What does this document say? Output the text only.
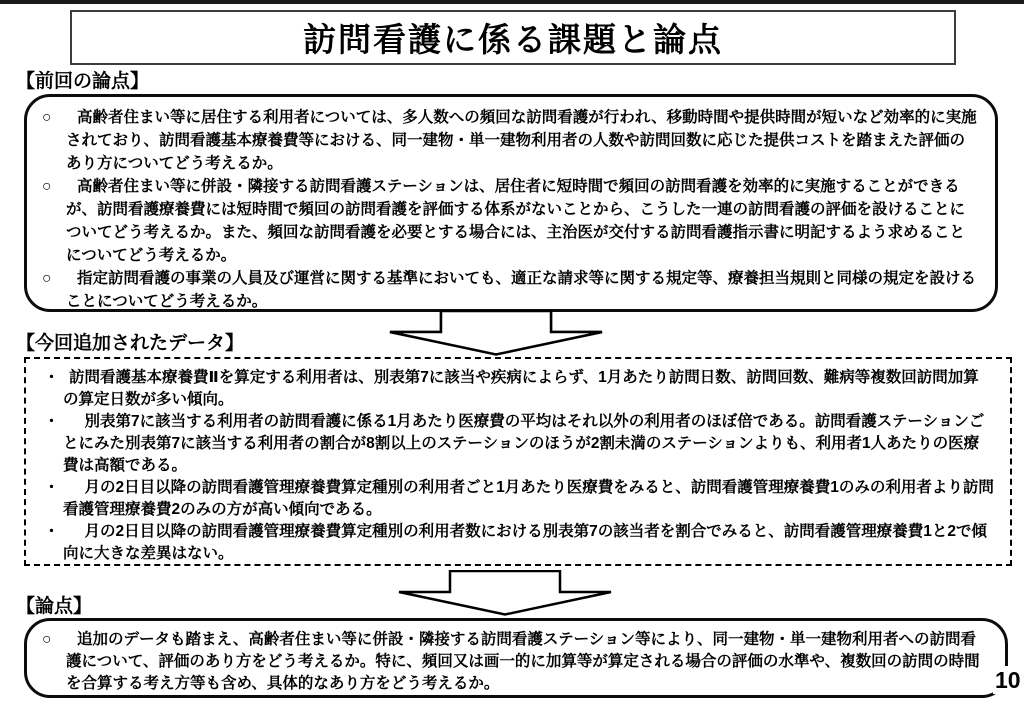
訪問看護に係る課題と論点
【前回の論点】
○	高齢者住まい等に居住する利用者については、多人数への頻回な訪問看護が行われ、移動時間や提供時間が短いなど効率的に実施されており、訪問看護基本療養費等における、同一建物・単一建物利用者の人数や訪問回数に応じた提供コストを踏まえた評価のあり方についてどう考えるか。
○	高齢者住まい等に併設・隣接する訪問看護ステーションは、居住者に短時間で頻回の訪問看護を効率的に実施することができるが、訪問看護療養費には短時間で頻回の訪問看護を評価する体系がないことから、こうした一連の訪問看護の評価を設けることについてどう考えるか。また、頻回な訪問看護を必要とする場合には、主治医が交付する訪問看護指示書に明記するよう求めることについてどう考えるか。
○	指定訪問看護の事業の人員及び運営に関する基準においても、適正な請求等に関する規定等、療養担当規則と同様の規定を設けることについてどう考えるか。
【今回追加されたデータ】
・ 訪問看護基本療養費Ⅱを算定する利用者は、別表第7に該当や疾病によらず、1月あたり訪問日数、訪問回数、難病等複数回訪問加算の算定日数が多い傾向。
・ 　別表第7に該当する利用者の訪問看護に係る1月あたり医療費の平均はそれ以外の利用者のほぼ倍である。訪問看護ステーションごとにみた別表第7に該当する利用者の割合が8割以上のステーションのほうが2割未満のステーションよりも、利用者1人あたりの医療費は高額である。
・ 　月の2日目以降の訪問看護管理療養費算定種別の利用者ごと1月あたり医療費をみると、訪問看護管理療養費1のみの利用者より訪問看護管理療養費2のみの方が高い傾向である。
・ 　月の2日目以降の訪問看護管理療養費算定種別の利用者数における別表第7の該当者を割合でみると、訪問看護管理療養費1と2で傾向に大きな差異はない。
【論点】
○	追加のデータも踏まえ、高齢者住まい等に併設・隣接する訪問看護ステーション等により、同一建物・単一建物利用者への訪問看護について、評価のあり方をどう考えるか。特に、頻回又は画一的に加算等が算定される場合の評価の水準や、複数回の訪問の時間を合算する考え方等も含め、具体的なあり方をどう考えるか。	10
